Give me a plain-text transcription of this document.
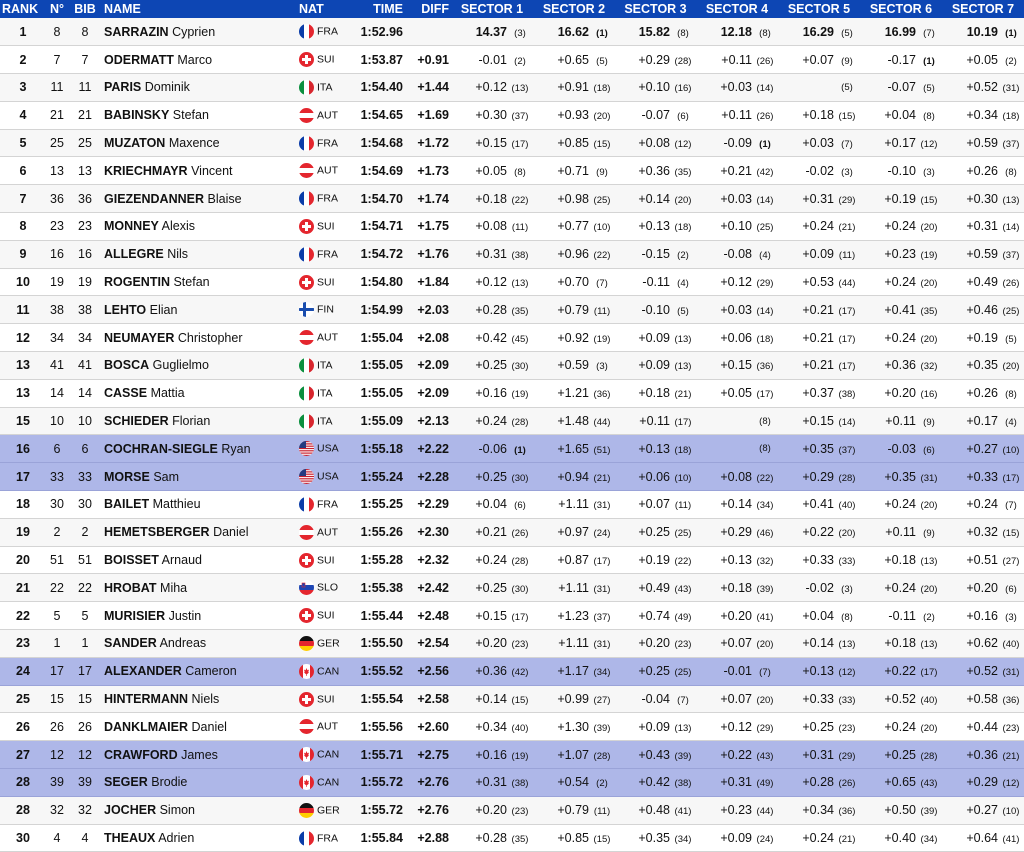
RANK	N°	BIB	NAME	NAT	TIME	DIFF	SECTOR 1	SECTOR 2	SECTOR 3	SECTOR 4	SECTOR 5	SECTOR 6	SECTOR 7
1	8	8	SARRAZIN Cyprien	FRA	1:52.96		14.37 (3)	16.62 (1)	15.82 (8)	12.18 (8)	16.29 (5)	16.99 (7)	10.19 (1)

2	7	7	ODERMATT Marco	SUI	1:53.87	+0.91	-0.01 (2)	+0.65 (5)	+0.29 (28)	+0.11 (26)	+0.07 (9)	-0.17 (1)	+0.05 (2)

3	11	11	PARIS Dominik	ITA	1:54.40	+1.44	+0.12 (13)	+0.91 (18)	+0.10 (16)	+0.03 (14)	(5)	-0.07 (5)	+0.52 (31)

4	21	21	BABINSKY Stefan	AUT	1:54.65	+1.69	+0.30 (37)	+0.93 (20)	-0.07 (6)	+0.11 (26)	+0.18 (15)	+0.04 (8)	+0.34 (18)

5	25	25	MUZATON Maxence	FRA	1:54.68	+1.72	+0.15 (17)	+0.85 (15)	+0.08 (12)	-0.09 (1)	+0.03 (7)	+0.17 (12)	+0.59 (37)

6	13	13	KRIECHMAYR Vincent	AUT	1:54.69	+1.73	+0.05 (8)	+0.71 (9)	+0.36 (35)	+0.21 (42)	-0.02 (3)	-0.10 (3)	+0.26 (8)

7	36	36	GIEZENDANNER Blaise	FRA	1:54.70	+1.74	+0.18 (22)	+0.98 (25)	+0.14 (20)	+0.03 (14)	+0.31 (29)	+0.19 (15)	+0.30 (13)

8	23	23	MONNEY Alexis	SUI	1:54.71	+1.75	+0.08 (11)	+0.77 (10)	+0.13 (18)	+0.10 (25)	+0.24 (21)	+0.24 (20)	+0.31 (14)

9	16	16	ALLEGRE Nils	FRA	1:54.72	+1.76	+0.31 (38)	+0.96 (22)	-0.15 (2)	-0.08 (4)	+0.09 (11)	+0.23 (19)	+0.59 (37)

10	19	19	ROGENTIN Stefan	SUI	1:54.80	+1.84	+0.12 (13)	+0.70 (7)	-0.11 (4)	+0.12 (29)	+0.53 (44)	+0.24 (20)	+0.49 (26)

11	38	38	LEHTO Elian	FIN	1:54.99	+2.03	+0.28 (35)	+0.79 (11)	-0.10 (5)	+0.03 (14)	+0.21 (17)	+0.41 (35)	+0.46 (25)

12	34	34	NEUMAYER Christopher	AUT	1:55.04	+2.08	+0.42 (45)	+0.92 (19)	+0.09 (13)	+0.06 (18)	+0.21 (17)	+0.24 (20)	+0.19 (5)

13	41	41	BOSCA Guglielmo	ITA	1:55.05	+2.09	+0.25 (30)	+0.59 (3)	+0.09 (13)	+0.15 (36)	+0.21 (17)	+0.36 (32)	+0.35 (20)

13	14	14	CASSE Mattia	ITA	1:55.05	+2.09	+0.16 (19)	+1.21 (36)	+0.18 (21)	+0.05 (17)	+0.37 (38)	+0.20 (16)	+0.26 (8)

15	10	10	SCHIEDER Florian	ITA	1:55.09	+2.13	+0.24 (28)	+1.48 (44)	+0.11 (17)	(8)	+0.15 (14)	+0.11 (9)	+0.17 (4)

16	6	6	COCHRAN-SIEGLE Ryan	USA	1:55.18	+2.22	-0.06 (1)	+1.65 (51)	+0.13 (18)	(8)	+0.35 (37)	-0.03 (6)	+0.27 (10)

17	33	33	MORSE Sam	USA	1:55.24	+2.28	+0.25 (30)	+0.94 (21)	+0.06 (10)	+0.08 (22)	+0.29 (28)	+0.35 (31)	+0.33 (17)

18	30	30	BAILET Matthieu	FRA	1:55.25	+2.29	+0.04 (6)	+1.11 (31)	+0.07 (11)	+0.14 (34)	+0.41 (40)	+0.24 (20)	+0.24 (7)

19	2	2	HEMETSBERGER Daniel	AUT	1:55.26	+2.30	+0.21 (26)	+0.97 (24)	+0.25 (25)	+0.29 (46)	+0.22 (20)	+0.11 (9)	+0.32 (15)

20	51	51	BOISSET Arnaud	SUI	1:55.28	+2.32	+0.24 (28)	+0.87 (17)	+0.19 (22)	+0.13 (32)	+0.33 (33)	+0.18 (13)	+0.51 (27)

21	22	22	HROBAT Miha	SLO	1:55.38	+2.42	+0.25 (30)	+1.11 (31)	+0.49 (43)	+0.18 (39)	-0.02 (3)	+0.24 (20)	+0.20 (6)

22	5	5	MURISIER Justin	SUI	1:55.44	+2.48	+0.15 (17)	+1.23 (37)	+0.74 (49)	+0.20 (41)	+0.04 (8)	-0.11 (2)	+0.16 (3)

23	1	1	SANDER Andreas	GER	1:55.50	+2.54	+0.20 (23)	+1.11 (31)	+0.20 (23)	+0.07 (20)	+0.14 (13)	+0.18 (13)	+0.62 (40)

24	17	17	ALEXANDER Cameron	CAN	1:55.52	+2.56	+0.36 (42)	+1.17 (34)	+0.25 (25)	-0.01 (7)	+0.13 (12)	+0.22 (17)	+0.52 (31)

25	15	15	HINTERMANN Niels	SUI	1:55.54	+2.58	+0.14 (15)	+0.99 (27)	-0.04 (7)	+0.07 (20)	+0.33 (33)	+0.52 (40)	+0.58 (36)

26	26	26	DANKLMAIER Daniel	AUT	1:55.56	+2.60	+0.34 (40)	+1.30 (39)	+0.09 (13)	+0.12 (29)	+0.25 (23)	+0.24 (20)	+0.44 (23)

27	12	12	CRAWFORD James	CAN	1:55.71	+2.75	+0.16 (19)	+1.07 (28)	+0.43 (39)	+0.22 (43)	+0.31 (29)	+0.25 (28)	+0.36 (21)

28	39	39	SEGER Brodie	CAN	1:55.72	+2.76	+0.31 (38)	+0.54 (2)	+0.42 (38)	+0.31 (49)	+0.28 (26)	+0.65 (43)	+0.29 (12)

28	32	32	JOCHER Simon	GER	1:55.72	+2.76	+0.20 (23)	+0.79 (11)	+0.48 (41)	+0.23 (44)	+0.34 (36)	+0.50 (39)	+0.27 (10)

30	4	4	THEAUX Adrien	FRA	1:55.84	+2.88	+0.28 (35)	+0.85 (15)	+0.35 (34)	+0.09 (24)	+0.24 (21)	+0.40 (34)	+0.64 (41)
